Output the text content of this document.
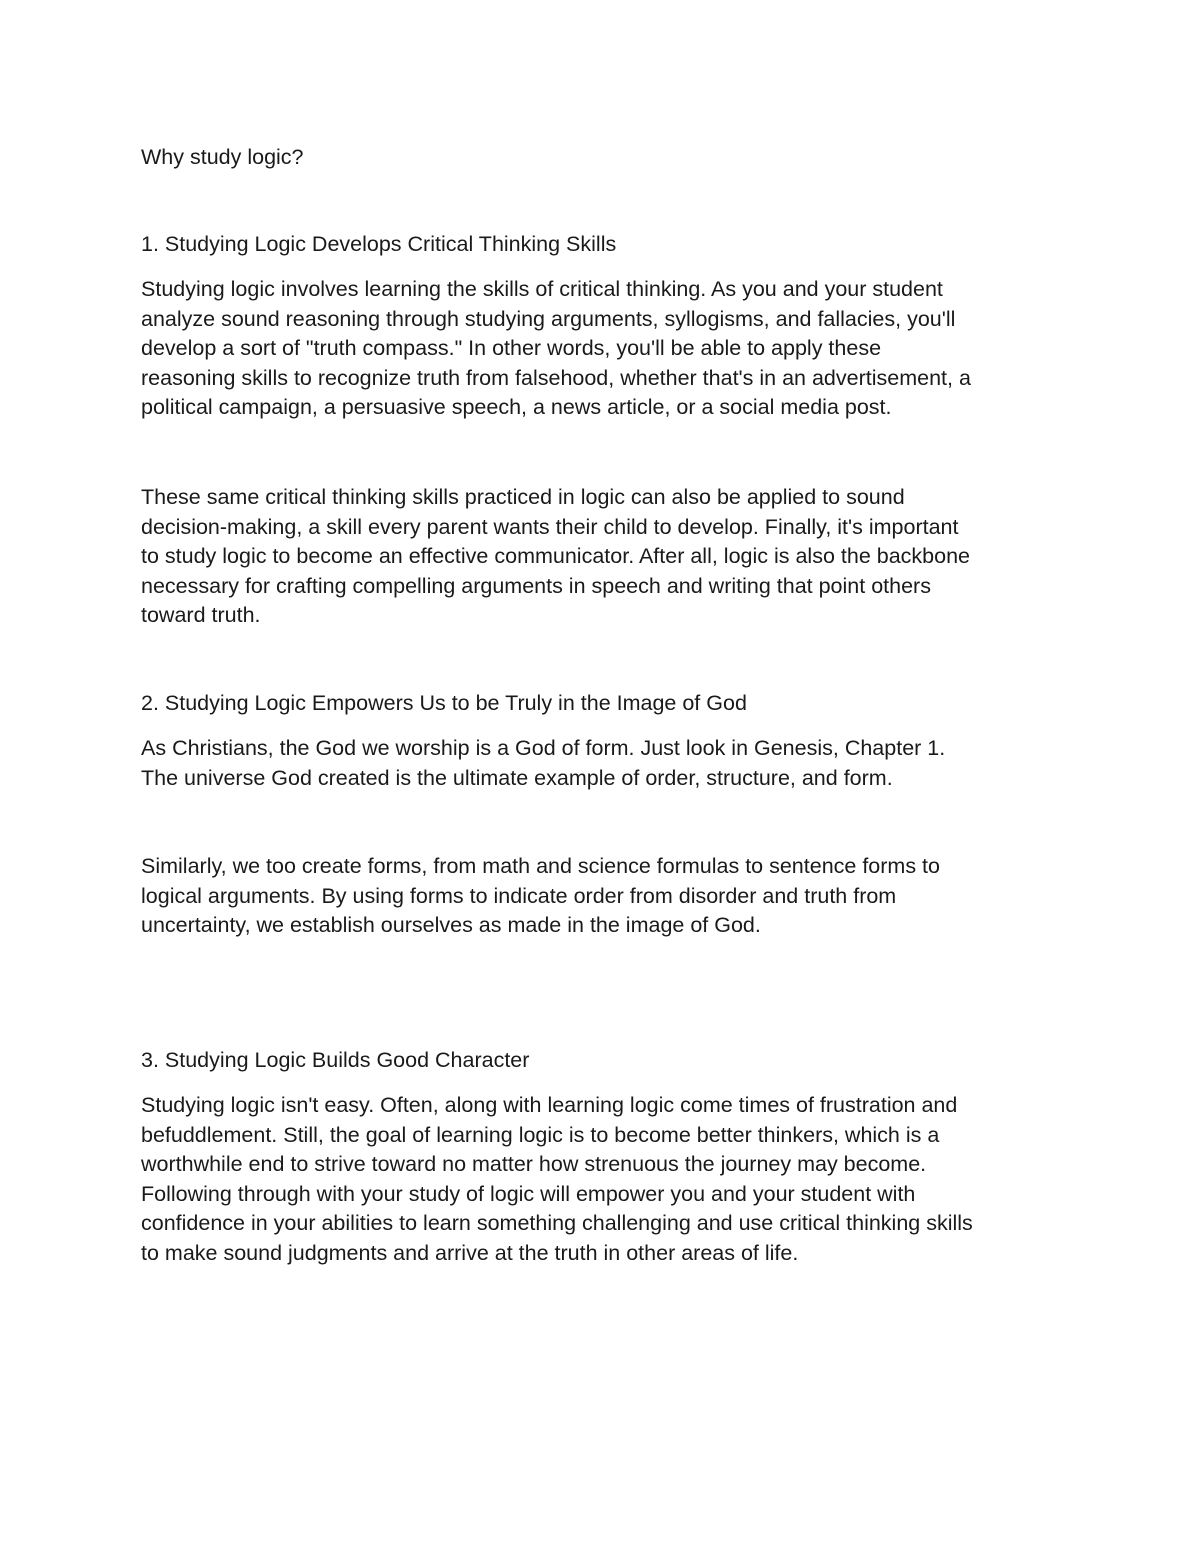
Why study logic?
1. Studying Logic Develops Critical Thinking Skills
Studying logic involves learning the skills of critical thinking. As you and your student
analyze sound reasoning through studying arguments, syllogisms, and fallacies, you'll
develop a sort of "truth compass." In other words, you'll be able to apply these
reasoning skills to recognize truth from falsehood, whether that's in an advertisement, a
political campaign, a persuasive speech, a news article, or a social media post.
These same critical thinking skills practiced in logic can also be applied to sound
decision-making, a skill every parent wants their child to develop. Finally, it's important
to study logic to become an effective communicator. After all, logic is also the backbone
necessary for crafting compelling arguments in speech and writing that point others
toward truth.
2. Studying Logic Empowers Us to be Truly in the Image of God
As Christians, the God we worship is a God of form. Just look in Genesis, Chapter 1.
The universe God created is the ultimate example of order, structure, and form.
Similarly, we too create forms, from math and science formulas to sentence forms to
logical arguments. By using forms to indicate order from disorder and truth from
uncertainty, we establish ourselves as made in the image of God.
3. Studying Logic Builds Good Character
Studying logic isn't easy. Often, along with learning logic come times of frustration and
befuddlement. Still, the goal of learning logic is to become better thinkers, which is a
worthwhile end to strive toward no matter how strenuous the journey may become.
Following through with your study of logic will empower you and your student with
confidence in your abilities to learn something challenging and use critical thinking skills
to make sound judgments and arrive at the truth in other areas of life.
